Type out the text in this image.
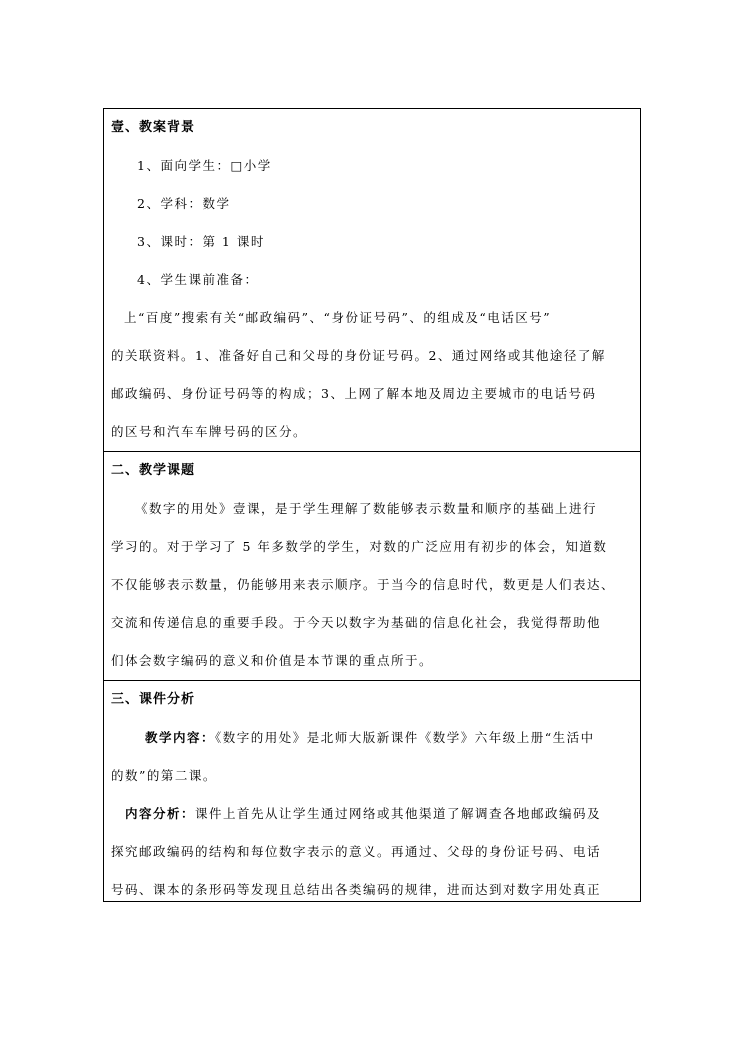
壹、教案背景

1、面向学生：□小学

2、学科：数学

3、课时：第 1 课时

4、学生课前准备：

上“百度”搜索有关“邮政编码”、“身份证号码”、的组成及“电话区号”

的关联资料。1、准备好自己和父母的身份证号码。2、通过网络或其他途径了解

邮政编码、身份证号码等的构成；3、上网了解本地及周边主要城市的电话号码

的区号和汽车车牌号码的区分。

二、教学课题

《数字的用处》壹课，是于学生理解了数能够表示数量和顺序的基础上进行

学习的。对于学习了 5 年多数学的学生，对数的广泛应用有初步的体会，知道数

不仅能够表示数量，仍能够用来表示顺序。于当今的信息时代，数更是人们表达、

交流和传递信息的重要手段。于今天以数字为基础的信息化社会，我觉得帮助他

们体会数字编码的意义和价值是本节课的重点所于。

三、课件分析

教学内容：《数字的用处》是北师大版新课件《数学》六年级上册“生活中

的数”的第二课。

内容分析：课件上首先从让学生通过网络或其他渠道了解调查各地邮政编码及

探究邮政编码的结构和每位数字表示的意义。再通过、父母的身份证号码、电话

号码、课本的条形码等发现且总结出各类编码的规律，进而达到对数字用处真正
